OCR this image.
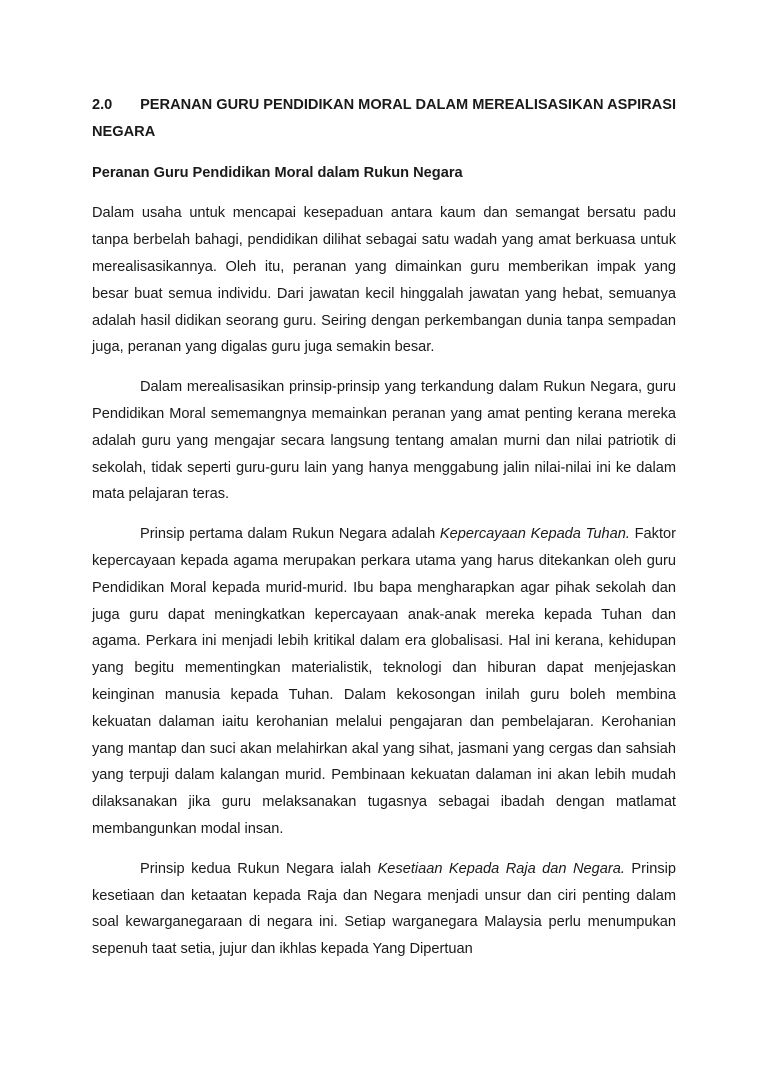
2.0 PERANAN GURU PENDIDIKAN MORAL DALAM MEREALISASIKAN ASPIRASI NEGARA

Peranan Guru Pendidikan Moral dalam Rukun Negara

Dalam usaha untuk mencapai kesepaduan antara kaum dan semangat bersatu padu tanpa berbelah bahagi, pendidikan dilihat sebagai satu wadah yang amat berkuasa untuk merealisasikannya. Oleh itu, peranan yang dimainkan guru memberikan impak yang besar buat semua individu. Dari jawatan kecil hinggalah jawatan yang hebat, semuanya adalah hasil didikan seorang guru. Seiring dengan perkembangan dunia tanpa sempadan juga, peranan yang digalas guru juga semakin besar.

Dalam merealisasikan prinsip-prinsip yang terkandung dalam Rukun Negara, guru Pendidikan Moral sememangnya memainkan peranan yang amat penting kerana mereka adalah guru yang mengajar secara langsung tentang amalan murni dan nilai patriotik di sekolah, tidak seperti guru-guru lain yang hanya menggabung jalin nilai-nilai ini ke dalam mata pelajaran teras.

Prinsip pertama dalam Rukun Negara adalah Kepercayaan Kepada Tuhan. Faktor kepercayaan kepada agama merupakan perkara utama yang harus ditekankan oleh guru Pendidikan Moral kepada murid-murid. Ibu bapa mengharapkan agar pihak sekolah dan juga guru dapat meningkatkan kepercayaan anak-anak mereka kepada Tuhan dan agama. Perkara ini menjadi lebih kritikal dalam era globalisasi. Hal ini kerana, kehidupan yang begitu mementingkan materialistik, teknologi dan hiburan dapat menjejaskan keinginan manusia kepada Tuhan. Dalam kekosongan inilah guru boleh membina kekuatan dalaman iaitu kerohanian melalui pengajaran dan pembelajaran. Kerohanian yang mantap dan suci akan melahirkan akal yang sihat, jasmani yang cergas dan sahsiah yang terpuji dalam kalangan murid. Pembinaan kekuatan dalaman ini akan lebih mudah dilaksanakan jika guru melaksanakan tugasnya sebagai ibadah dengan matlamat membangunkan modal insan.

Prinsip kedua Rukun Negara ialah Kesetiaan Kepada Raja dan Negara. Prinsip kesetiaan dan ketaatan kepada Raja dan Negara menjadi unsur dan ciri penting dalam soal kewarganegaraan di negara ini. Setiap warganegara Malaysia perlu menumpukan sepenuh taat setia, jujur dan ikhlas kepada Yang Dipertuan
